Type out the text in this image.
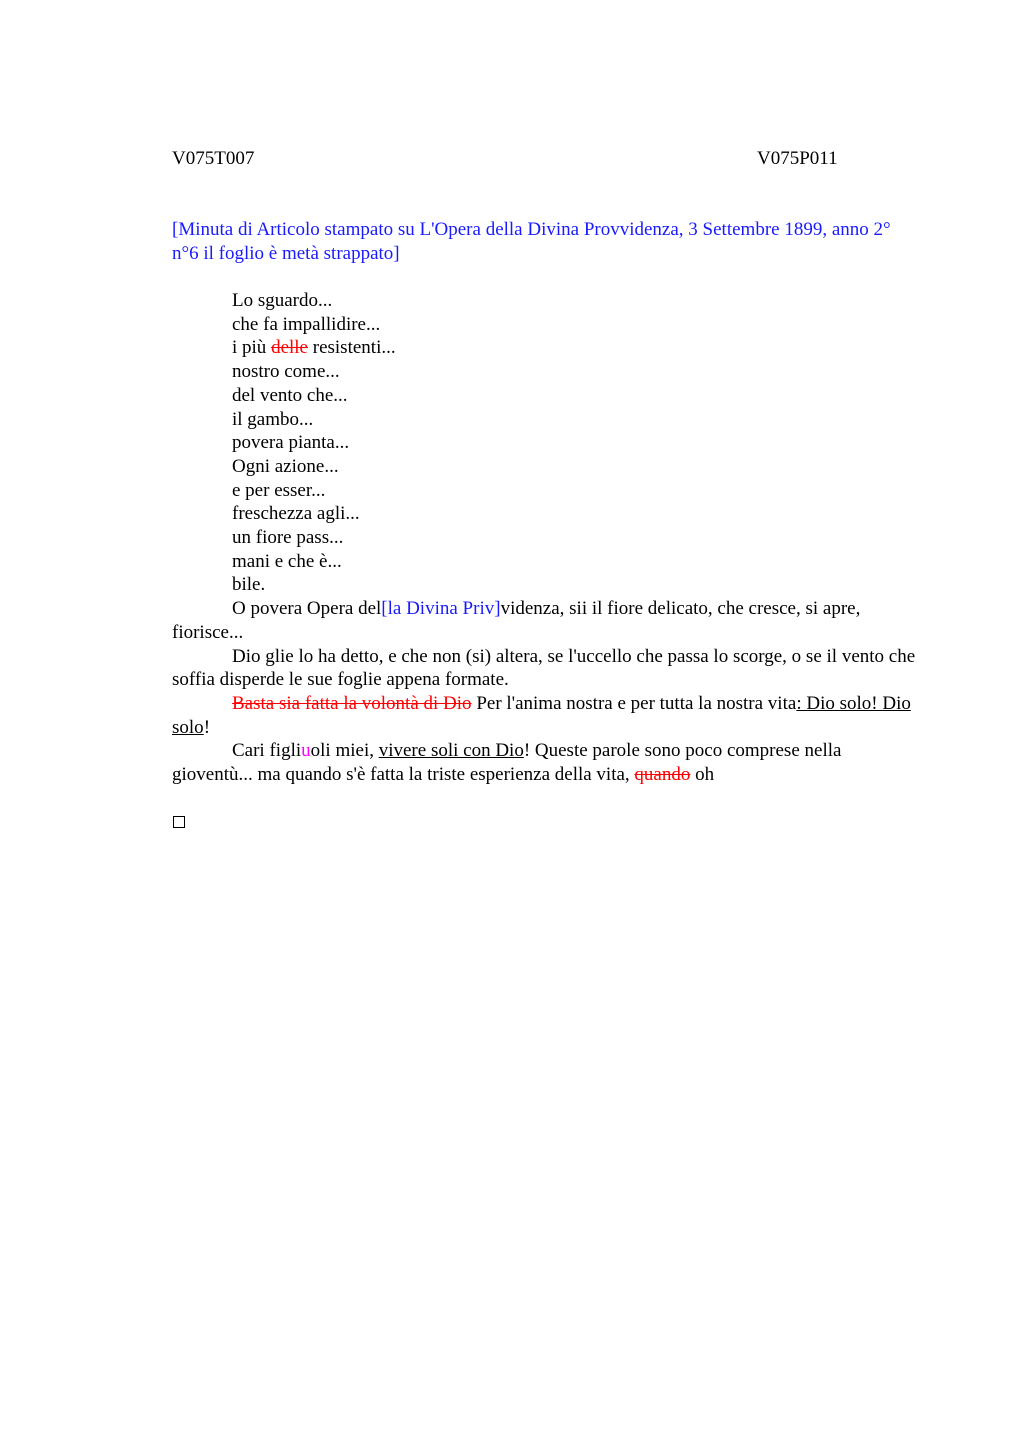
V075T007	V075P011
[Minuta di Articolo stampato su L'Opera della Divina Provvidenza, 3 Settembre 1899, anno 2° n°6 il foglio è metà strappato]
Lo sguardo...
che fa impallidire...
i più delle resistenti...
nostro come...
del vento che...
il gambo...
povera pianta...
Ogni azione...
e per esser...
freschezza agli...
un fiore pass...
mani e che è...
bile.
O povera Opera del[la Divina Priv]videnza, sii il fiore delicato, che cresce, si apre, fiorisce...
Dio glie lo ha detto, e che non (si) altera, se l'uccello che passa lo scorge, o se il vento che soffia disperde le sue foglie appena formate.
Basta sia fatta la volontà di Dio Per l'anima nostra e per tutta la nostra vita: Dio solo! Dio solo!
Cari figliuoli miei, vivere soli con Dio! Queste parole sono poco comprese nella gioventù... ma quando s'è fatta la triste esperienza della vita, quando oh
